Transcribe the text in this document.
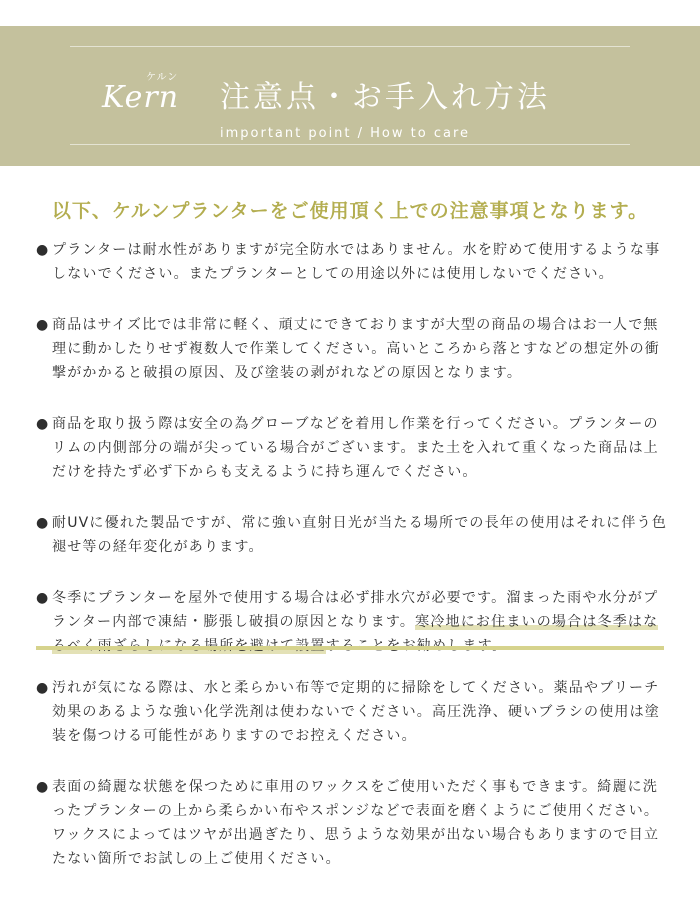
ケルン
Kern 注意点・お手入れ方法
important point / How to care
以下、ケルンプランターをご使用頂く上での注意事項となります。
● プランターは耐水性がありますが完全防水ではありません。水を貯めて使用するような事しないでください。またプランターとしての用途以外には使用しないでください。
● 商品はサイズ比では非常に軽く、頑丈にできておりますが大型の商品の場合はお一人で無理に動かしたりせず複数人で作業してください。高いところから落とすなどの想定外の衝撃がかかると破損の原因、及び塗装の剥がれなどの原因となります。
● 商品を取り扱う際は安全の為グローブなどを着用し作業を行ってください。プランターのリムの内側部分の端が尖っている場合がございます。また土を入れて重くなった商品は上だけを持たず必ず下からも支えるように持ち運んでください。
● 耐UVに優れた製品ですが、常に強い直射日光が当たる場所での長年の使用はそれに伴う色褪せ等の経年変化があります。
● 冬季にプランターを屋外で使用する場合は必ず排水穴が必要です。溜まった雨や水分がプランター内部で凍結・膨張し破損の原因となります。寒冷地にお住まいの場合は冬季はな
● 汚れが気になる際は、水と柔らかい布等で定期的に掃除をしてください。薬品やブリーチ効果のあるような強い化学洗剤は使わないでください。高圧洗浄、硬いブラシの使用は塗装を傷つける可能性がありますのでお控えください。
● 表面の綺麗な状態を保つために車用のワックスをご使用いただく事もできます。綺麗に洗ったプランターの上から柔らかい布やスポンジなどで表面を磨くようにご使用ください。ワックスによってはツヤが出過ぎたり、思うような効果が出ない場合もありますので目立たない箇所でお試しの上ご使用ください。
